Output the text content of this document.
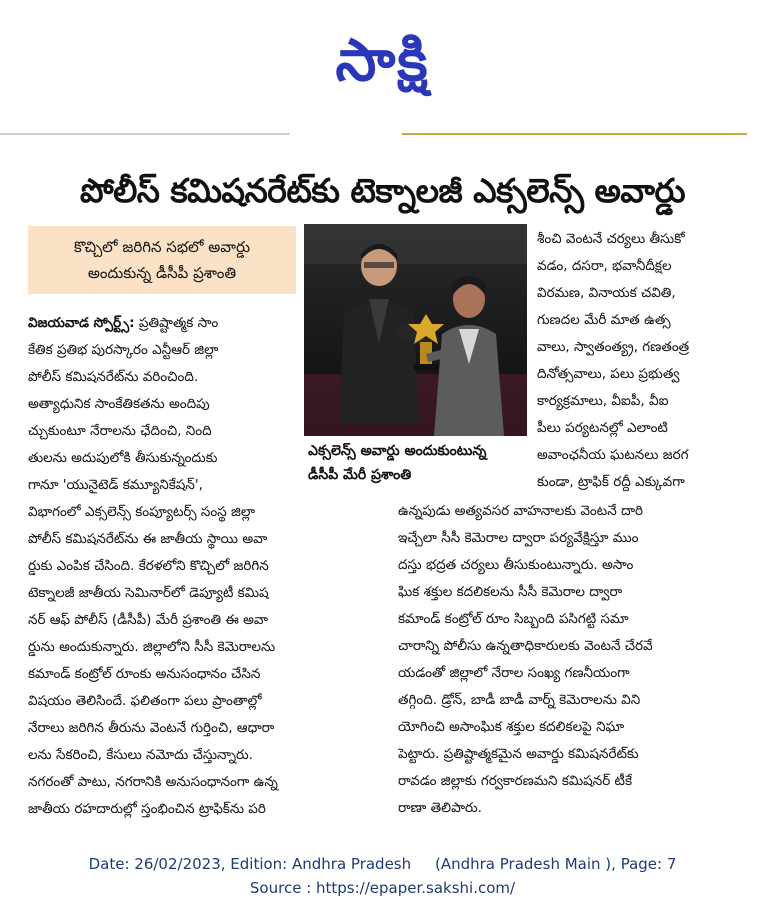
సాక్షి
పోలీస్ కమిషనరేట్‌కు టెక్నాలజీ ఎక్సలెన్స్ అవార్డు
కొచ్చిలో జరిగిన సభలో అవార్డు
అందుకున్న డీసీపీ ప్రశాంతి
ఎక్సలెన్స్ అవార్డు అందుకుంటున్న
డీసీపీ మేరీ ప్రశాంతి
విజయవాడ స్పోర్ట్స్: ప్రతిష్టాత్మక సాం
కేతిక ప్రతిభ పురస్కారం ఎన్టీఆర్ జిల్లా
పోలీస్ కమిషనరేట్‌ను వరించింది.
అత్యాధునిక సాంకేతికతను అందిపు
చ్చుకుంటూ నేరాలను ఛేదించి, నింది
తులను అదుపులోకి తీసుకున్నందుకు
గానూ 'యునైటెడ్ కమ్యూనికేషన్',
విభాగంలో ఎక్సలెన్స్ కంప్యూటర్స్ సంస్థ జిల్లా
పోలీస్ కమిషనరేట్‌ను ఈ జాతీయ స్థాయి అవా
ర్డుకు ఎంపిక చేసింది. కేరళలోని కొచ్చిలో జరిగిన
టెక్నాలజీ జాతీయ సెమినార్‌లో డెప్యూటీ కమిష
నర్ ఆఫ్ పోలీస్ (డీసీపీ) మేరీ ప్రశాంతి ఈ అవా
ర్డును అందుకున్నారు. జిల్లాలోని సీసీ కెమెరాలను
కమాండ్ కంట్రోల్ రూంకు అనుసంధానం చేసిన
విషయం తెలిసిందే. ఫలితంగా పలు ప్రాంతాల్లో
నేరాలు జరిగిన తీరును వెంటనే గుర్తించి, ఆధారా
లను సేకరించి, కేసులు నమోదు చేస్తున్నారు.
నగరంతో పాటు, నగరానికి అనుసంధానంగా ఉన్న
జాతీయ రహదారుల్లో స్తంభించిన ట్రాఫిక్‌ను పరి
శీంచి వెంటనే చర్యలు తీసుకో
వడం, దసరా, భవానీదీక్షల
విరమణ, వినాయక చవితి,
గుణదల మేరీ మాత ఉత్స
వాలు, స్వాతంత్య్ర, గణతంత్ర
దినోత్సవాలు, పలు ప్రభుత్వ
కార్యక్రమాలు, వీఐపీ, వీఐ
పీలు పర్యటనల్లో ఎలాంటి
అవాంఛనీయ ఘటనలు జరగ
కుండా, ట్రాఫిక్ రద్దీ ఎక్కువగా
ఉన్నపుడు అత్యవసర వాహనాలకు వెంటనే దారి
ఇచ్చేలా సీసీ కెమెరాల ద్వారా పర్యవేక్షిస్తూ ముం
దస్తు భద్రత చర్యలు తీసుకుంటున్నారు. అసాం
ఘిక శక్తుల కదలికలను సీసీ కెమెరాల ద్వారా
కమాండ్ కంట్రోల్ రూం సిబ్బంది పసిగట్టి సమా
చారాన్ని పోలీసు ఉన్నతాధికారులకు వెంటనే చేరవే
యడంతో జిల్లాలో నేరాల సంఖ్య గణనీయంగా
తగ్గింది. డ్రోన్, బాడీ బాడీ వార్న్ కెమెరాలను విని
యోగించి అసాంఘిక శక్తుల కదలికలపై నిఘా
పెట్టారు. ప్రతిష్టాత్మకమైన అవార్డు కమిషనరేట్‌కు
రావడం జిల్లాకు గర్వకారణమని కమిషనర్ టీకే
రాణా తెలిపారు.
Date: 26/02/2023, Edition: Andhra Pradesh     (Andhra Pradesh Main ), Page: 7
Source : https://epaper.sakshi.com/
